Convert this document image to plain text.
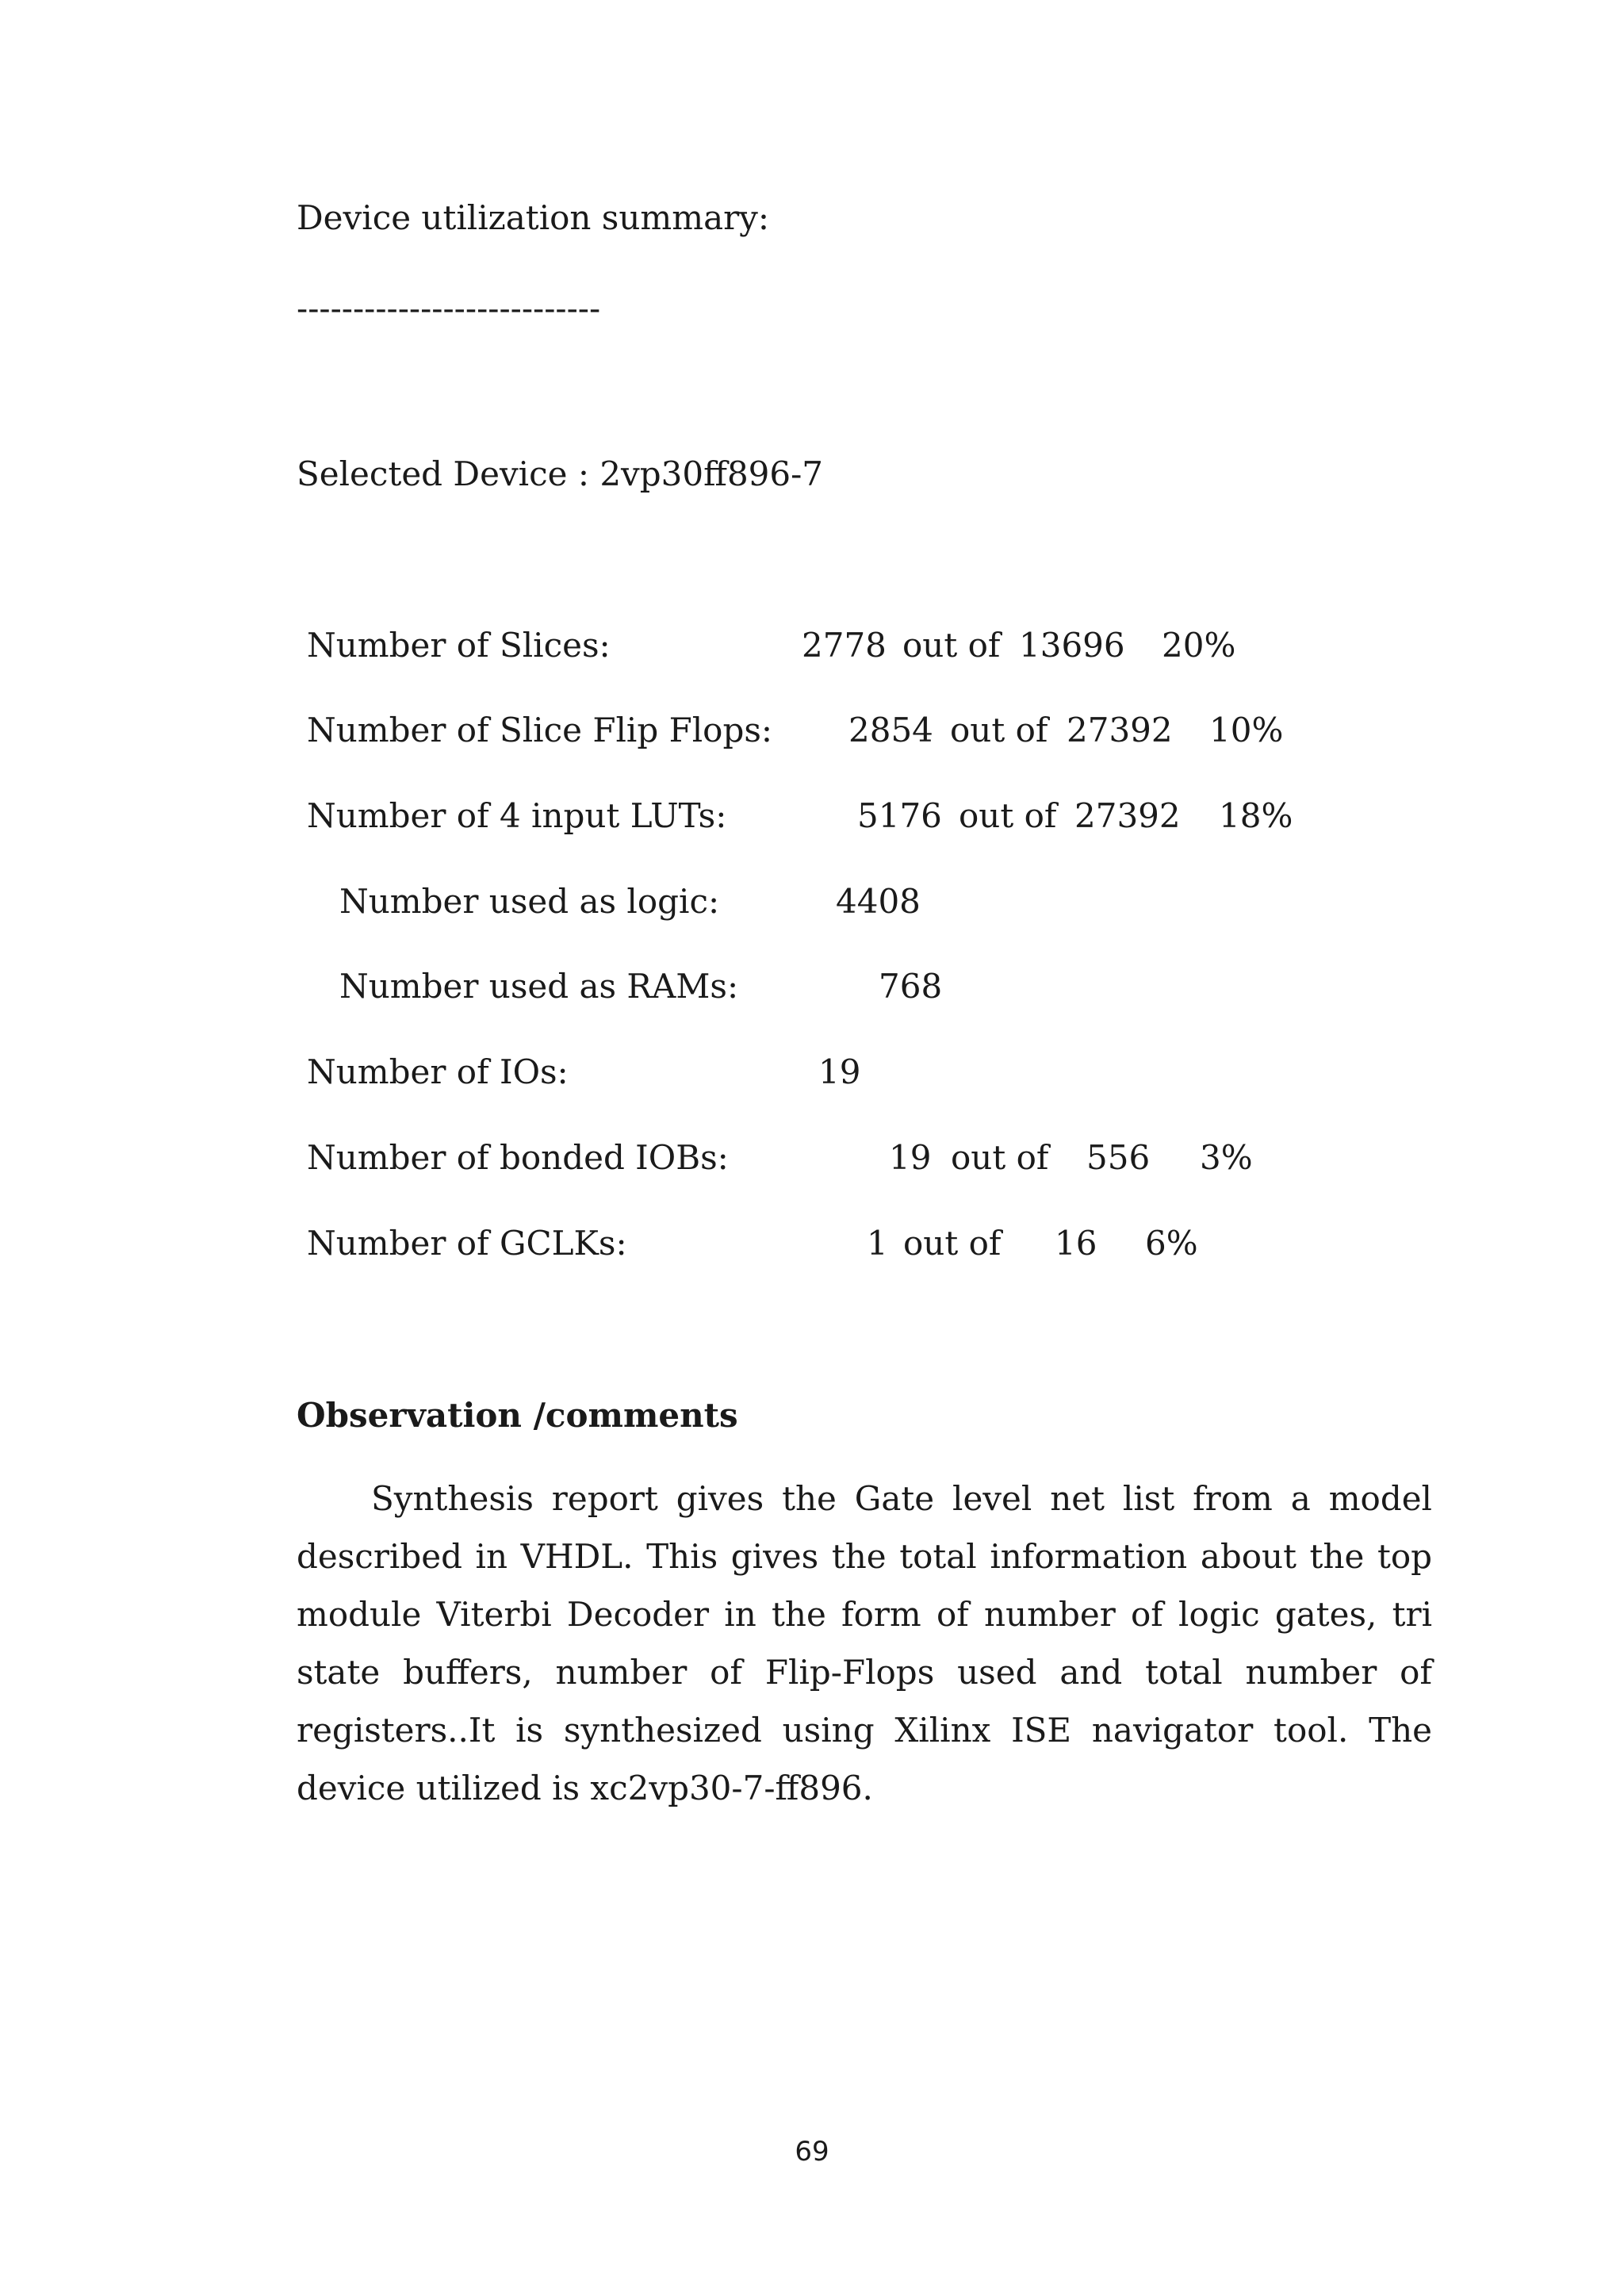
Device utilization summary:
---------------------------
Selected Device : 2vp30ff896-7
Number of Slices:	2778 out of 13696 20%
Number of Slice Flip Flops: 2854 out of 27392 10%
Number of 4 input LUTs:	5176 out of 27392 18%
Number used as logic:	4408
Number used as RAMs:	768
Number of IOs:	19
Number of bonded IOBs:	19 out of 556 3%
Number of GCLKs:	1 out of 16 6%
Observation /comments

Synthesis report gives the Gate level net list from a model described in VHDL. This gives the total information about the top module Viterbi Decoder in the form of number of logic gates, tri state buffers, number of Flip-Flops used and total number of registers..It is synthesized using Xilinx ISE navigator tool. The device utilized is xc2vp30-7-ff896.

69
